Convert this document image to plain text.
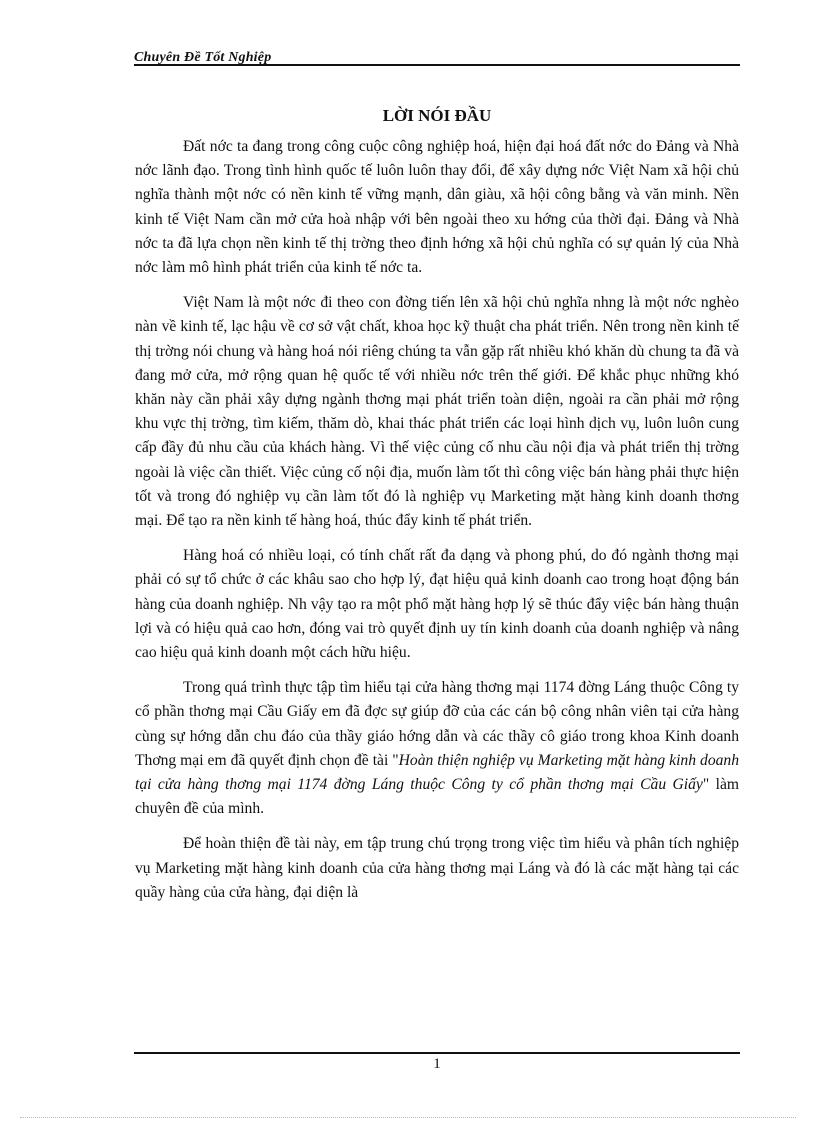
Chuyên Đề Tốt Nghiệp
LỜI NÓI ĐẦU

Đất nớc ta đang trong công cuộc công nghiệp hoá, hiện đại hoá đất nớc do Đảng và Nhà nớc lãnh đạo. Trong tình hình quốc tế luôn luôn thay đổi, để xây dựng nớc Việt Nam xã hội chủ nghĩa thành một nớc có nền kinh tế vững mạnh, dân giàu, xã hội công bằng và văn minh. Nền kinh tế Việt Nam cần mở cửa hoà nhập với bên ngoài theo xu hớng của thời đại. Đảng và Nhà nớc ta đã lựa chọn nền kinh tế thị trờng theo định hớng xã hội chủ nghĩa có sự quản lý của Nhà nớc làm mô hình phát triển của kinh tế nớc ta.

Việt Nam là một nớc đi theo con đờng tiến lên xã hội chủ nghĩa nhng là một nớc nghèo nàn về kinh tế, lạc hậu về cơ sở vật chất, khoa học kỹ thuật cha phát triển. Nên trong nền kinh tế thị trờng nói chung và hàng hoá nói riêng chúng ta vẫn gặp rất nhiều khó khăn dù chung ta đã và đang mở cửa, mở rộng quan hệ quốc tế với nhiều nớc trên thế giới. Để khắc phục những khó khăn này cần phải xây dựng ngành thơng mại phát triển toàn diện, ngoài ra cần phải mở rộng khu vực thị trờng, tìm kiếm, thăm dò, khai thác phát triển các loại hình dịch vụ, luôn luôn cung cấp đầy đủ nhu cầu của khách hàng. Vì thế việc củng cố nhu cầu nội địa và phát triển thị trờng ngoài là việc cần thiết. Việc củng cố nội địa, muốn làm tốt thì công việc bán hàng phải thực hiện tốt và trong đó nghiệp vụ cần làm tốt đó là nghiệp vụ Marketing mặt hàng kinh doanh thơng mại. Để tạo ra nền kinh tế hàng hoá, thúc đẩy kinh tế phát triển.

Hàng hoá có nhiều loại, có tính chất rất đa dạng và phong phú, do đó ngành thơng mại phải có sự tổ chức ở các khâu sao cho hợp lý, đạt hiệu quả kinh doanh cao trong hoạt động bán hàng của doanh nghiệp. Nh vậy tạo ra một phổ mặt hàng hợp lý sẽ thúc đẩy việc bán hàng thuận lợi và có hiệu quả cao hơn, đóng vai trò quyết định uy tín kinh doanh của doanh nghiệp và nâng cao hiệu quả kinh doanh một cách hữu hiệu.

Trong quá trình thực tập tìm hiểu tại cửa hàng thơng mại 1174 đờng Láng thuộc Công ty cổ phần thơng mại Cầu Giấy em đã đợc sự giúp đỡ của các cán bộ công nhân viên tại cửa hàng cùng sự hớng dẫn chu đáo của thầy giáo hớng dẫn và các thầy cô giáo trong khoa Kinh doanh Thơng mại em đã quyết định chọn đề tài "Hoàn thiện nghiệp vụ Marketing mặt hàng kinh doanh tại cửa hàng thơng mại 1174 đờng Láng thuộc Công ty cổ phần thơng mại Cầu Giấy" làm chuyên đề của mình.

Để hoàn thiện đề tài này, em tập trung chú trọng trong việc tìm hiểu và phân tích nghiệp vụ Marketing mặt hàng kinh doanh của cửa hàng thơng mại Láng và đó là các mặt hàng tại các quầy hàng của cửa hàng, đại diện là

1
